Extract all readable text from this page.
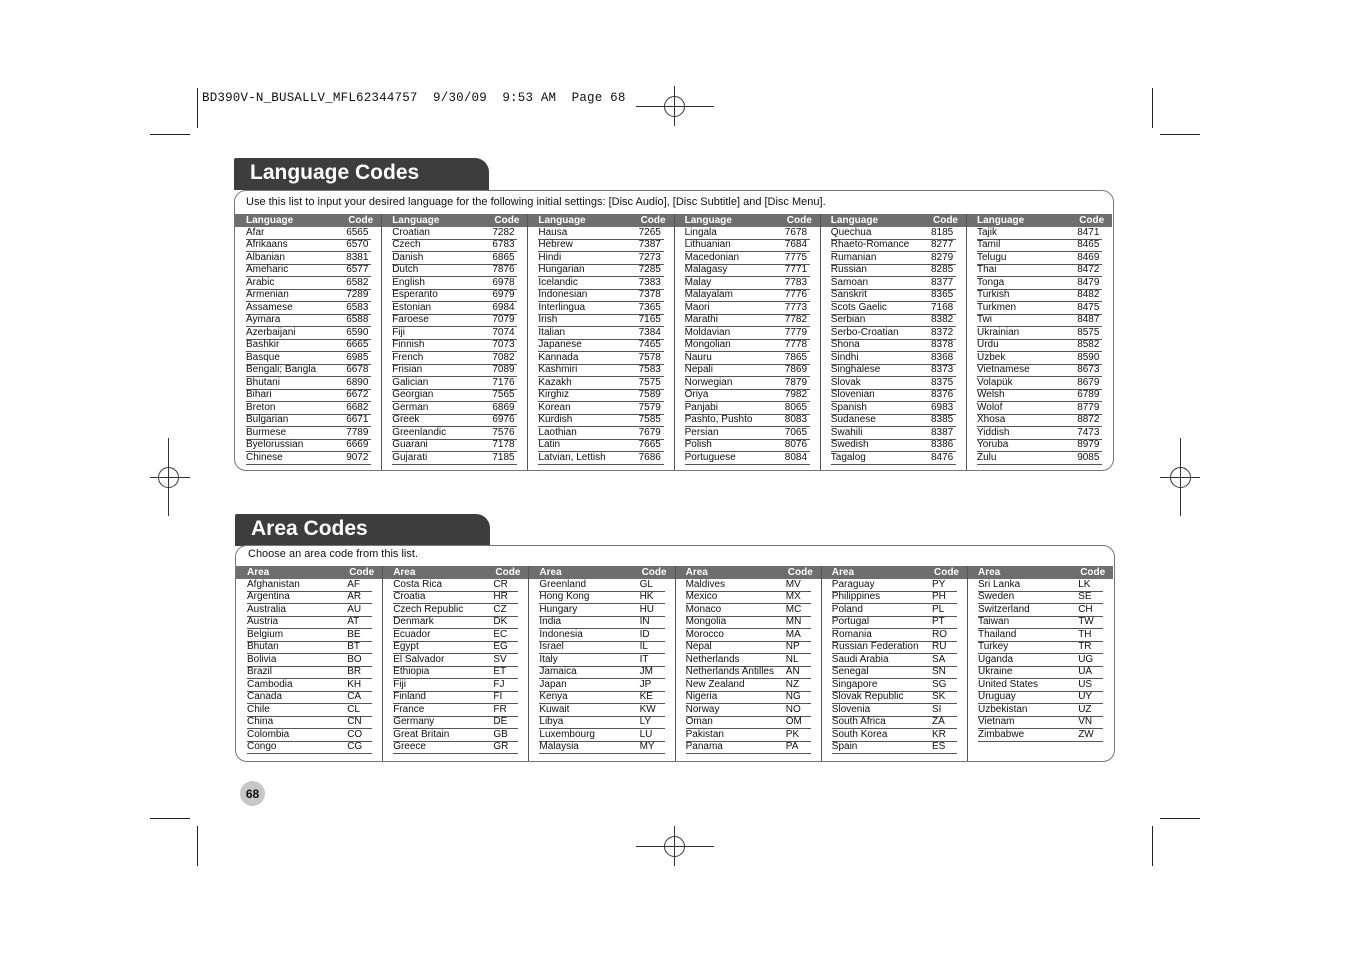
BD390V-N_BUSALLV_MFL62344757  9/30/09  9:53 AM  Page 68
Language Codes
Use this list to input your desired language for the following initial settings: [Disc Audio], [Disc Subtitle] and [Disc Menu].
Language	Code
Afar	6565
Afrikaans	6570
Albanian	8381
Ameharic	6577
Arabic	6582
Armenian	7289
Assamese	6583
Aymara	6588
Azerbaijani	6590
Bashkir	6665
Basque	6985
Bengali; Bangla	6678
Bhutani	6890
Bihari	6672
Breton	6682
Bulgarian	6671
Burmese	7789
Byelorussian	6669
Chinese	9072
Language	Code
Croatian	7282
Czech	6783
Danish	6865
Dutch	7876
English	6978
Esperanto	6979
Estonian	6984
Faroese	7079
Fiji	7074
Finnish	7073
French	7082
Frisian	7089
Galician	7176
Georgian	7565
German	6869
Greek	6976
Greenlandic	7576
Guarani	7178
Gujarati	7185
Language	Code
Hausa	7265
Hebrew	7387
Hindi	7273
Hungarian	7285
Icelandic	7383
Indonesian	7378
Interlingua	7365
Irish	7165
Italian	7384
Japanese	7465
Kannada	7578
Kashmiri	7583
Kazakh	7575
Kirghiz	7589
Korean	7579
Kurdish	7585
Laothian	7679
Latin	7665
Latvian, Lettish	7686
Language	Code
Lingala	7678
Lithuanian	7684
Macedonian	7775
Malagasy	7771
Malay	7783
Malayalam	7776
Maori	7773
Marathi	7782
Moldavian	7779
Mongolian	7778
Nauru	7865
Nepali	7869
Norwegian	7879
Oriya	7982
Panjabi	8065
Pashto, Pushto	8083
Persian	7065
Polish	8076
Portuguese	8084
Language	Code
Quechua	8185
Rhaeto-Romance 8277
Rumanian	8279
Russian	8285
Samoan	8377
Sanskrit	8365
Scots Gaelic	7168
Serbian	8382
Serbo-Croatian	8372
Shona	8378
Sindhi	8368
Singhalese	8373
Slovak	8375
Slovenian	8376
Spanish	6983
Sudanese	8385
Swahili	8387
Swedish	8386
Tagalog	8476
Language	Code
Tajik	8471
Tamil	8465
Telugu	8469
Thai	8472
Tonga	8479
Turkish	8482
Turkmen	8475
Twi	8487
Ukrainian	8575
Urdu	8582
Uzbek	8590
Vietnamese	8673
Volapük	8679
Welsh	6789
Wolof	8779
Xhosa	8872
Yiddish	7473
Yoruba	8979
Zulu	9085
Area Codes
Choose an area code from this list.
Area	Code
Afghanistan	AF
Argentina	AR
Australia	AU
Austria	AT
Belgium	BE
Bhutan	BT
Bolivia	BO
Brazil	BR
Cambodia	KH
Canada	CA
Chile	CL
China	CN
Colombia	CO
Congo	CG
Area	Code
Costa Rica	CR
Croatia	HR
Czech Republic	CZ
Denmark	DK
Ecuador	EC
Egypt	EG
El Salvador	SV
Ethiopia	ET
Fiji	FJ
Finland	FI
France	FR
Germany	DE
Great Britain	GB
Greece	GR
Area	Code
Greenland	GL
Hong Kong	HK
Hungary	HU
India	IN
Indonesia	ID
Israel	IL
Italy	IT
Jamaica	JM
Japan	JP
Kenya	KE
Kuwait	KW
Libya	LY
Luxembourg	LU
Malaysia	MY
Area	Code
Maldives	MV
Mexico	MX
Monaco	MC
Mongolia	MN
Morocco	MA
Nepal	NP
Netherlands	NL
Netherlands Antilles AN
New Zealand	NZ
Nigeria	NG
Norway	NO
Oman	OM
Pakistan	PK
Panama	PA
Area	Code
Paraguay	PY
Philippines	PH
Poland	PL
Portugal	PT
Romania	RO
Russian Federation RU
Saudi Arabia	SA
Senegal	SN
Singapore	SG
Slovak Republic	SK
Slovenia	SI
South Africa	ZA
South Korea	KR
Spain	ES
Area	Code
Sri Lanka	LK
Sweden	SE
Switzerland	CH
Taiwan	TW
Thailand	TH
Turkey	TR
Uganda	UG
Ukraine	UA
United States	US
Uruguay	UY
Uzbekistan	UZ
Vietnam	VN
Zimbabwe	ZW
68
